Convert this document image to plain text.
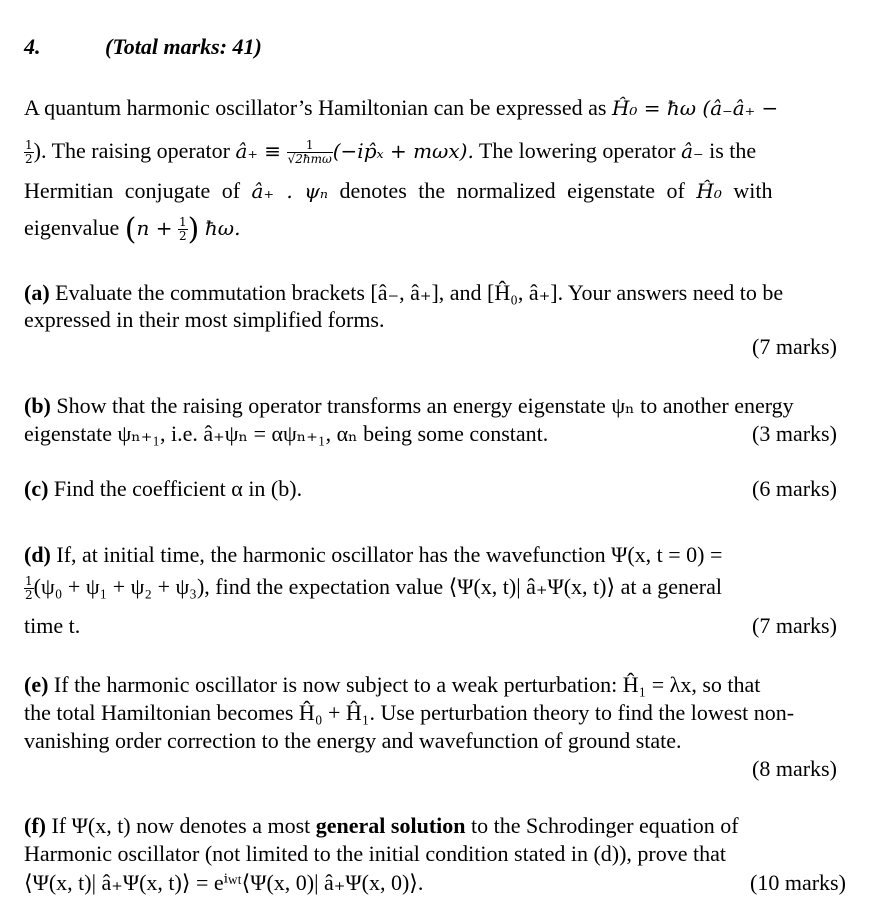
4.	(Total marks: 41)
A quantum harmonic oscillator’s Hamiltonian can be expressed as Ĥ₀ = ħω (â₋â₊ −
$\frac{1}{2}$ ). The raising operator â₊ ≡ $\frac{1}{\text{√2ħmω}}$ (−ip̂ₓ + mωx). The lowering operator â₋ is the
Hermitian conjugate of â₊ . ψₙ denotes the normalized eigenstate of Ĥ₀ with
eigenvalue ($n + \frac{1}{2}$ ) ħω.
(a) Evaluate the commutation brackets [â₋, â₊], and [Ĥ₀, â₊]. Your answers need to be
expressed in their most simplified forms.
(7 marks)
(b) Show that the raising operator transforms an energy eigenstate ψₙ to another energy
eigenstate ψₙ₊₁, i.e. â₊ψₙ = αψₙ₊₁, αₙ being some constant.	(3 marks)
(c) Find the coefficient α in (b).	(6 marks)
(d) If, at initial time, the harmonic oscillator has the wavefunction Ψ(x, t = 0) =
$\frac{1}{2} (\psi_0 + \psi_1 + \psi_2 + \psi_3)$, find the expectation value ⟨Ψ(x, t)| â₊Ψ(x, t)⟩ at a general
time t.	(7 marks)
(e) If the harmonic oscillator is now subject to a weak perturbation: Ĥ₁ = λx, so that
the total Hamiltonian becomes Ĥ₀ + Ĥ₁. Use perturbation theory to find the lowest non-
vanishing order correction to the energy and wavefunction of ground state.
(8 marks)
(f) If Ψ(x, t) now denotes a most general solution to the Schrodinger equation of
Harmonic oscillator (not limited to the initial condition stated in (d)), prove that
⟨Ψ(x, t)| â₊Ψ(x, t)⟩ = eⁱʷᵗ⟨Ψ(x, 0)| â₊Ψ(x, 0)⟩.	(10 marks)
